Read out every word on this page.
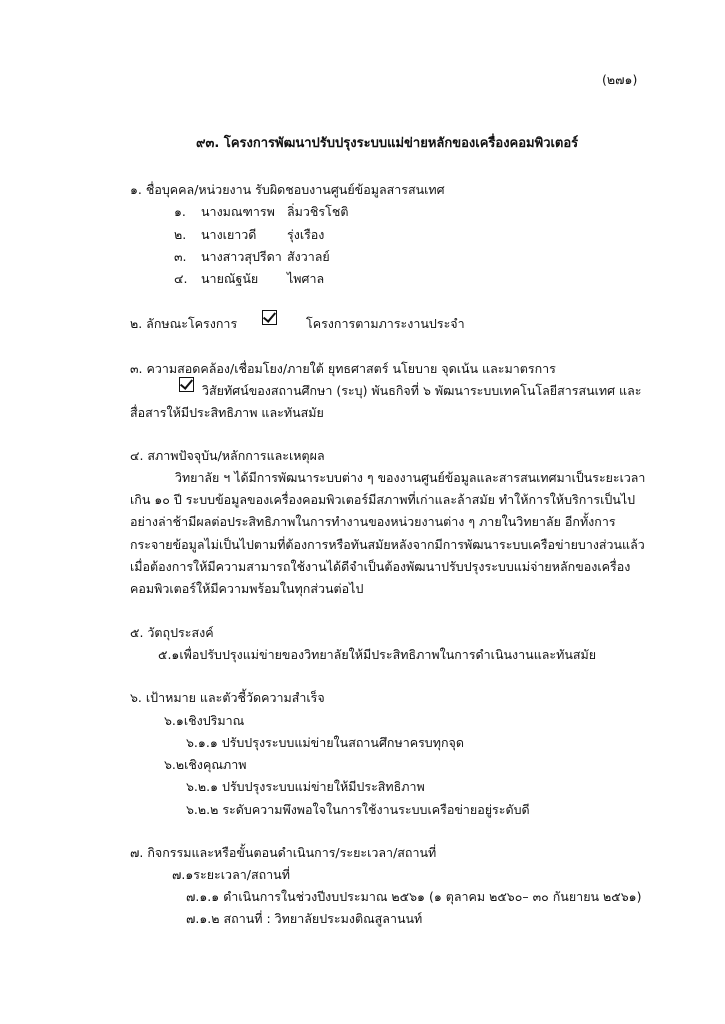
(๒๗๑)
๙๓. โครงการพัฒนาปรับปรุงระบบแม่ข่ายหลักของเครื่องคอมพิวเตอร์
๑. ชื่อบุคคล/หน่วยงาน รับผิดชอบงานศูนย์ข้อมูลสารสนเทศ
๑. นางมณฑารพ ลิ่มวชิรโชติ
๒. นางเยาวดี รุ่งเรือง
๓. นางสาวสุปรีดา สังวาลย์
๔. นายณัฐนัย ไพศาล
๒. ลักษณะโครงการ	โครงการตามภาระงานประจำ
๓. ความสอดคล้อง/เชื่อมโยง/ภายใต้ ยุทธศาสตร์ นโยบาย จุดเน้น และมาตรการ
วิสัยทัศน์ของสถานศึกษา (ระบุ) พันธกิจที่ ๖ พัฒนาระบบเทคโนโลยีสารสนเทศ และ
สื่อสารให้มีประสิทธิภาพ และทันสมัย
๔. สภาพปัจจุบัน/หลักการและเหตุผล
วิทยาลัย ฯ ได้มีการพัฒนาระบบต่าง ๆ ของงานศูนย์ข้อมูลและสารสนเทศมาเป็นระยะเวลา
เกิน ๑๐ ปี ระบบข้อมูลของเครื่องคอมพิวเตอร์มีสภาพที่เก่าและล้าสมัย ทำให้การให้บริการเป็นไป
อย่างล่าช้ามีผลต่อประสิทธิภาพในการทำงานของหน่วยงานต่าง ๆ ภายในวิทยาลัย อีกทั้งการ
กระจายข้อมูลไม่เป็นไปตามที่ต้องการหรือทันสมัยหลังจากมีการพัฒนาระบบเครือข่ายบางส่วนแล้ว
เมื่อต้องการให้มีความสามารถใช้งานได้ดีจำเป็นต้องพัฒนาปรับปรุงระบบแม่จ่ายหลักของเครื่อง
คอมพิวเตอร์ให้มีความพร้อมในทุกส่วนต่อไป
๕. วัตถุประสงค์
๕.๑เพื่อปรับปรุงแม่ข่ายของวิทยาลัยให้มีประสิทธิภาพในการดำเนินงานและทันสมัย
๖. เป้าหมาย และตัวชี้วัดความสำเร็จ
๖.๑เชิงปริมาณ
๖.๑.๑ ปรับปรุงระบบแม่ข่ายในสถานศึกษาครบทุกจุด
๖.๒เชิงคุณภาพ
๖.๒.๑ ปรับปรุงระบบแม่ข่ายให้มีประสิทธิภาพ
๖.๒.๒ ระดับความพึงพอใจในการใช้งานระบบเครือข่ายอยู่ระดับดี
๗. กิจกรรมและหรือขั้นตอนดำเนินการ/ระยะเวลา/สถานที่
๗.๑ระยะเวลา/สถานที่
๗.๑.๑ ดำเนินการในช่วงปีงบประมาณ ๒๕๖๑ (๑ ตุลาคม ๒๕๖๐– ๓๐ กันยายน ๒๕๖๑)
๗.๑.๒ สถานที่ : วิทยาลัยประมงติณสูลานนท์
